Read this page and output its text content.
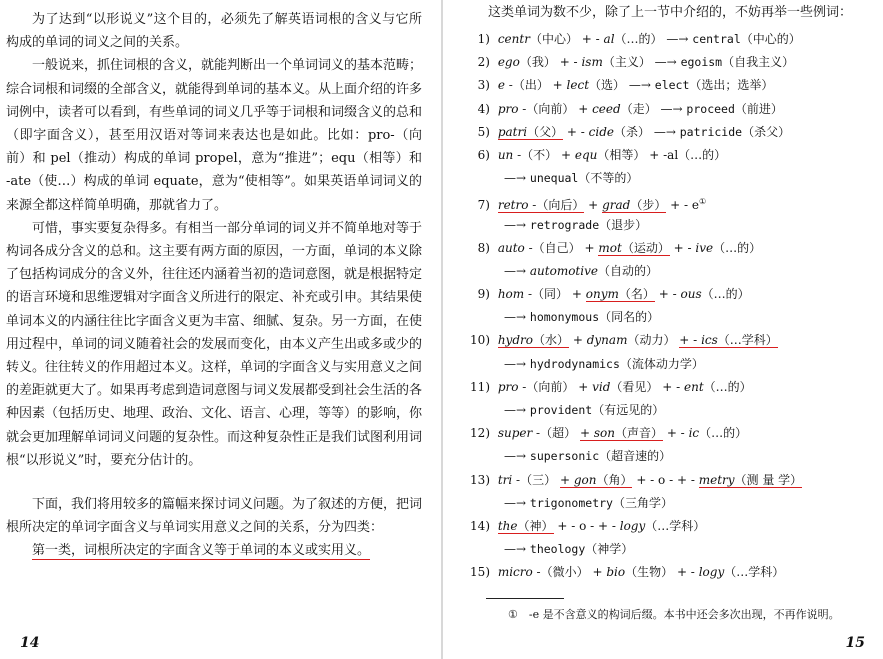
为了达到“以形说义”这个目的，必须先了解英语词根的含义与它所构成的单词的词义之间的关系。

一般说来，抓住词根的含义，就能判断出一个单词词义的基本范畴；综合词根和词缀的全部含义，就能得到单词的基本义。从上面介绍的许多词例中，读者可以看到，有些单词的词义几乎等于词根和词缀含义的总和（即字面含义），甚至用汉语对等词来表达也是如此。比如：pro-（向前）和 pel（推动）构成的单词 propel，意为“推进”；equ（相等）和 -ate（使…）构成的单词 equate，意为“使相等”。如果英语单词词义的来源全都这样简单明确，那就省力了。

可惜，事实要复杂得多。有相当一部分单词的词义并不简单地对等于构词各成分含义的总和。这主要有两方面的原因，一方面，单词的本义除了包括构词成分的含义外，往往还内涵着当初的造词意图，就是根据特定的语言环境和思维逻辑对字面含义所进行的限定、补充或引申。其结果使单词本义的内涵往往比字面含义更为丰富、细腻、复杂。另一方面，在使用过程中，单词的词义随着社会的发展而变化，由本义产生出或多或少的转义。往往转义的作用超过本义。这样，单词的字面含义与实用意义之间的差距就更大了。如果再考虑到造词意图与词义发展都受到社会生活的各种因素（包括历史、地理、政治、文化、语言、心理，等等）的影响，你就会更加理解单词词义问题的复杂性。而这种复杂性正是我们试图利用词根“以形说义”时，要充分估计的。

下面，我们将用较多的篇幅来探讨词义问题。为了叙述的方便，把词根所决定的单词字面含义与单词实用意义之间的关系，分为四类：

第一类，词根所决定的字面含义等于单词的本义或实用义。

14

这类单词为数不少，除了上一节中介绍的，不妨再举一些例词：

1) centr（中心） + - al（…的） —→ central（中心的）
2) ego（我） + - ism（主义） —→ egoism（自我主义）
3) e -（出） + lect（选） —→ elect（选出；选举）
4) pro -（向前） + ceed（走） —→ proceed（前进）
5) patri（父） + - cide（杀） —→ patricide（杀父）
6) un -（不） + equ（相等） + -al（…的）
—→ unequal（不等的）
7) retro -（向后） + grad（步） + - e①
—→ retrograde（退步）
8) auto -（自己） + mot（运动） + - ive（…的）
—→ automotive（自动的）
9) hom -（同） + onym（名） + - ous（…的）
—→ homonymous（同名的）
10) hydro（水） + dynam（动力） + - ics（…学科）
—→ hydrodynamics（流体动力学）
11) pro -（向前） + vid（看见） + - ent（…的）
—→ provident（有远见的）
12) super -（超） + son（声音） + - ic（…的）
—→ supersonic（超音速的）
13) tri -（三） + gon（角） + - o - + - metry（测 量 学）
—→ trigonometry（三角学）
14) the（神） + - o - + - logy（…学科）
—→ theology（神学）
15) micro -（微小） + bio（生物） + - logy（…学科）
①　-e 是不含意义的构词后缀。本书中还会多次出现，不再作说明。
15
